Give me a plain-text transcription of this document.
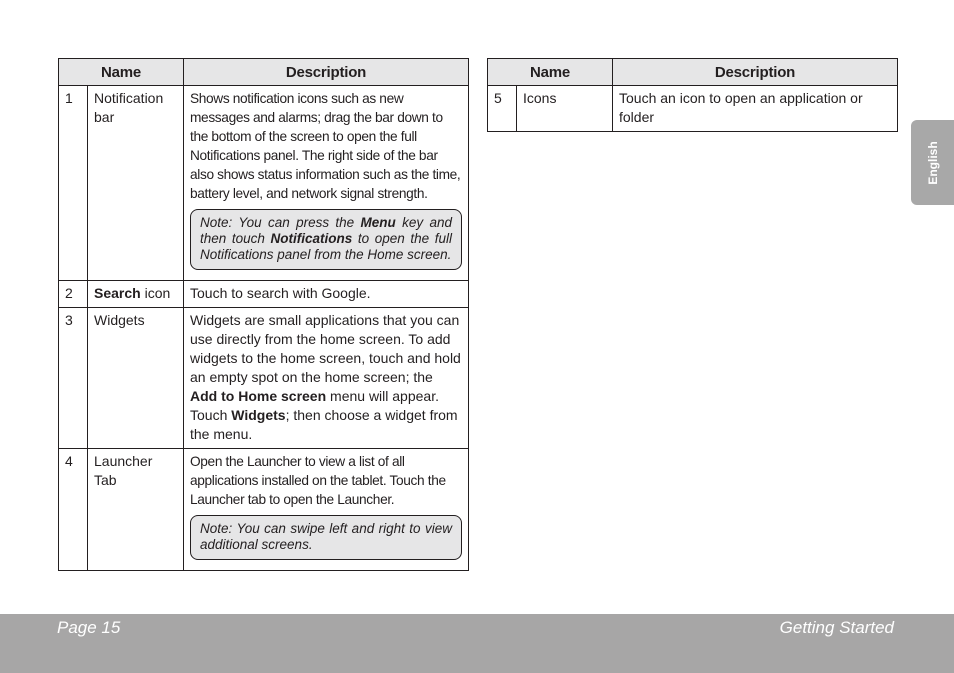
Name		Description
1	Notification bar	Shows notification icons such as new messages and alarms; drag the bar down to the bottom of the screen to open the full Notifications panel. The right side of the bar also shows status information such as the time, battery level, and network signal strength.
Note: You can press the Menu key and then touch Notifications to open the full Notifications panel from the Home screen.

2	Search icon	Touch to search with Google.
3	Widgets	Widgets are small applications that you can use directly from the home screen. To add widgets to the home screen, touch and hold an empty spot on the home screen; the Add to Home screen menu will appear. Touch Widgets; then choose a widget from the menu.
4	Launcher Tab	Open the Launcher to view a list of all applications installed on the tablet. Touch the Launcher tab to open the Launcher.
Note: You can swipe left and right to view additional screens.
Name		Description
5	Icons	Touch an icon to open an application or folder
English
Page 15	Getting Started
